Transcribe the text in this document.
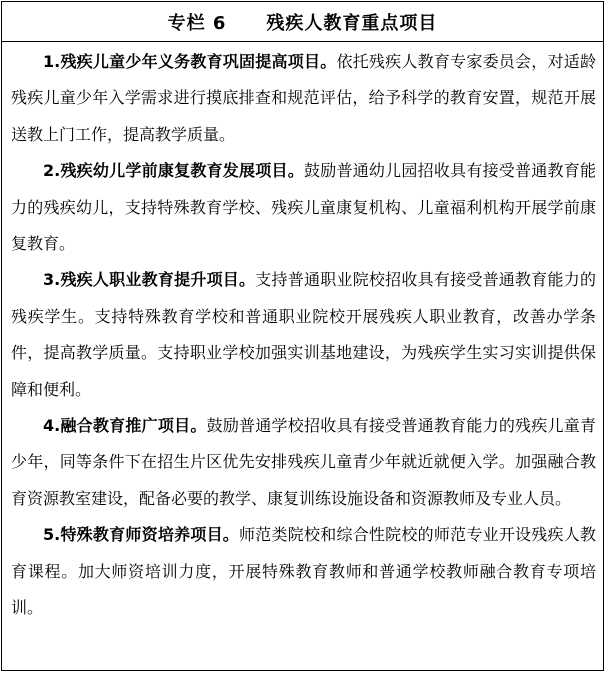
专栏 6 残疾人教育重点项目

1.残疾儿童少年义务教育巩固提高项目。依托残疾人教育专家委员会，对适龄残疾儿童少年入学需求进行摸底排查和规范评估，给予科学的教育安置，规范开展送教上门工作，提高教学质量。

2.残疾幼儿学前康复教育发展项目。鼓励普通幼儿园招收具有接受普通教育能力的残疾幼儿，支持特殊教育学校、残疾儿童康复机构、儿童福利机构开展学前康复教育。

3.残疾人职业教育提升项目。支持普通职业院校招收具有接受普通教育能力的残疾学生。支持特殊教育学校和普通职业院校开展残疾人职业教育，改善办学条件，提高教学质量。支持职业学校加强实训基地建设，为残疾学生实习实训提供保障和便利。

4.融合教育推广项目。鼓励普通学校招收具有接受普通教育能力的残疾儿童青少年，同等条件下在招生片区优先安排残疾儿童青少年就近就便入学。加强融合教育资源教室建设，配备必要的教学、康复训练设施设备和资源教师及专业人员。

5.特殊教育师资培养项目。师范类院校和综合性院校的师范专业开设残疾人教育课程。加大师资培训力度，开展特殊教育教师和普通学校教师融合教育专项培训。
